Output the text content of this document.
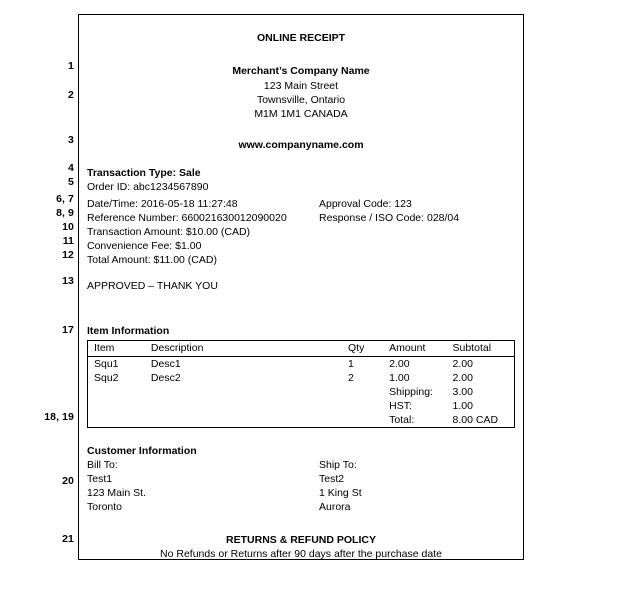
1
2
3
4
5
6, 7
8, 9
10
11
12
13
17
18, 19
20
21
ONLINE RECEIPT
Merchant’s Company Name
123 Main Street
Townsville, Ontario
M1M 1M1 CANADA
www.companyname.com
Transaction Type: Sale
Order ID: abc1234567890
Date/Time: 2016-05-18 11:27:48	Approval Code: 123
Reference Number: 660021630012090020	Response / ISO Code: 028/04
Transaction Amount: $10.00 (CAD)
Convenience Fee: $1.00
Total Amount: $11.00 (CAD)
APPROVED – THANK YOU
Item Information
Item	Description	Qty	Amount	Subtotal
Squ1	Desc1	1	2.00	2.00
Squ2	Desc2	2	1.00	2.00
			Shipping:	3.00
			HST:	1.00
			Total:	8.00 CAD
Customer Information
Bill To:	Ship To:
Test1	Test2
123 Main St.	1 King St
Toronto	Aurora
RETURNS & REFUND POLICY
No Refunds or Returns after 90 days after the purchase date
